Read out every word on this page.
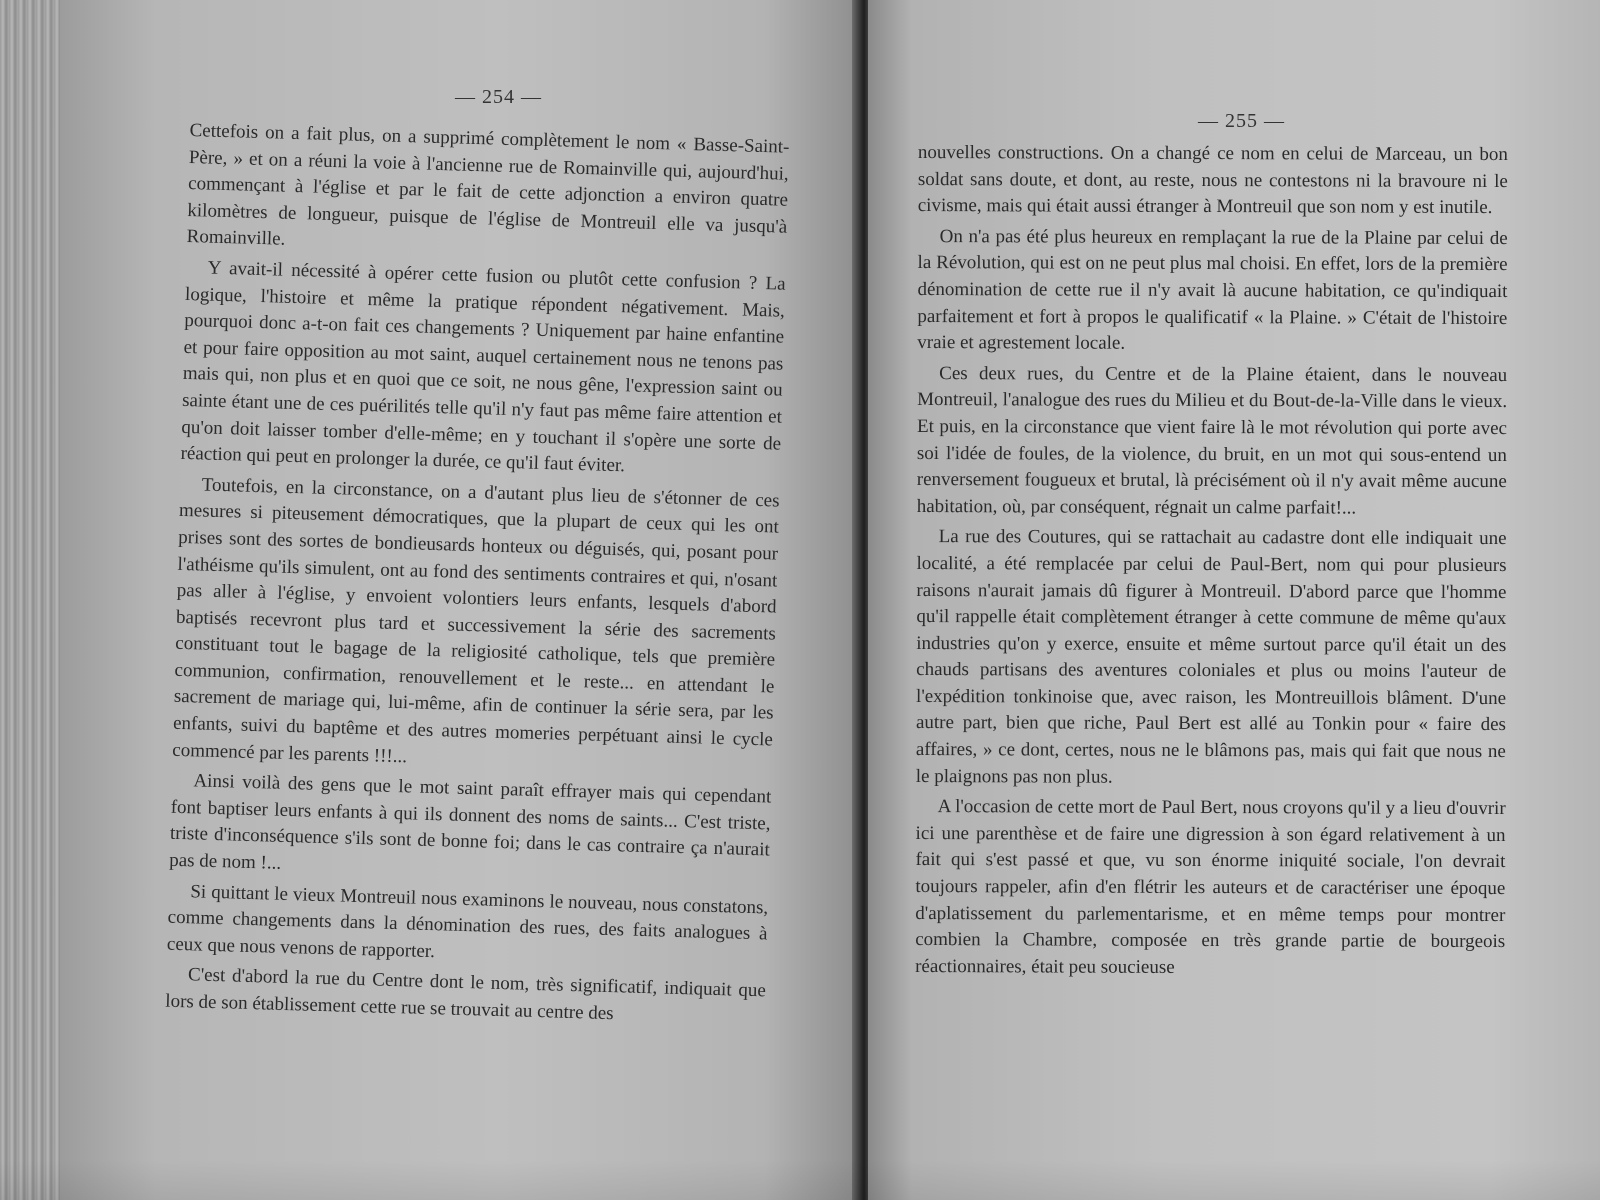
— 254 —

Cettefois on a fait plus, on a supprimé complètement le nom « Basse-Saint-Père, » et on a réuni la voie à l'ancienne rue de Romainville qui, aujourd'hui, commençant à l'église et par le fait de cette adjonction a environ quatre kilomètres de longueur, puisque de l'église de Montreuil elle va jusqu'à Romainville.

Y avait-il nécessité à opérer cette fusion ou plutôt cette confusion ? La logique, l'histoire et même la pratique répondent négativement. Mais, pourquoi donc a-t-on fait ces changements ? Uniquement par haine enfantine et pour faire opposition au mot saint, auquel certainement nous ne tenons pas mais qui, non plus et en quoi que ce soit, ne nous gêne, l'expression saint ou sainte étant une de ces puérilités telle qu'il n'y faut pas même faire attention et qu'on doit laisser tomber d'elle-même; en y touchant il s'opère une sorte de réaction qui peut en prolonger la durée, ce qu'il faut éviter.

Toutefois, en la circonstance, on a d'autant plus lieu de s'étonner de ces mesures si piteusement démocratiques, que la plupart de ceux qui les ont prises sont des sortes de bondieusards honteux ou déguisés, qui, posant pour l'athéisme qu'ils simulent, ont au fond des sentiments contraires et qui, n'osant pas aller à l'église, y envoient volontiers leurs enfants, lesquels d'abord baptisés recevront plus tard et successivement la série des sacrements constituant tout le bagage de la religiosité catholique, tels que première communion, confirmation, renouvellement et le reste... en attendant le sacrement de mariage qui, lui-même, afin de continuer la série sera, par les enfants, suivi du baptême et des autres momeries perpétuant ainsi le cycle commencé par les parents !!!...

Ainsi voilà des gens que le mot saint paraît effrayer mais qui cependant font baptiser leurs enfants à qui ils donnent des noms de saints... C'est triste, triste d'inconséquence s'ils sont de bonne foi; dans le cas contraire ça n'aurait pas de nom !...

Si quittant le vieux Montreuil nous examinons le nouveau, nous constatons, comme changements dans la dénomination des rues, des faits analogues à ceux que nous venons de rapporter.

C'est d'abord la rue du Centre dont le nom, très significatif, indiquait que lors de son établissement cette rue se trouvait au centre des

— 255 —

nouvelles constructions. On a changé ce nom en celui de Marceau, un bon soldat sans doute, et dont, au reste, nous ne contestons ni la bravoure ni le civisme, mais qui était aussi étranger à Montreuil que son nom y est inutile.

On n'a pas été plus heureux en remplaçant la rue de la Plaine par celui de la Révolution, qui est on ne peut plus mal choisi. En effet, lors de la première dénomination de cette rue il n'y avait là aucune habitation, ce qu'indiquait parfaitement et fort à propos le qualificatif « la Plaine. » C'était de l'histoire vraie et agrestement locale.

Ces deux rues, du Centre et de la Plaine étaient, dans le nouveau Montreuil, l'analogue des rues du Milieu et du Bout-de-la-Ville dans le vieux. Et puis, en la circonstance que vient faire là le mot révolution qui porte avec soi l'idée de foules, de la violence, du bruit, en un mot qui sous-entend un renversement fougueux et brutal, là précisément où il n'y avait même aucune habitation, où, par conséquent, régnait un calme parfait!...

La rue des Coutures, qui se rattachait au cadastre dont elle indiquait une localité, a été remplacée par celui de Paul-Bert, nom qui pour plusieurs raisons n'aurait jamais dû figurer à Montreuil. D'abord parce que l'homme qu'il rappelle était complètement étranger à cette commune de même qu'aux industries qu'on y exerce, ensuite et même surtout parce qu'il était un des chauds partisans des aventures coloniales et plus ou moins l'auteur de l'expédition tonkinoise que, avec raison, les Montreuillois blâment. D'une autre part, bien que riche, Paul Bert est allé au Tonkin pour « faire des affaires, » ce dont, certes, nous ne le blâmons pas, mais qui fait que nous ne le plaignons pas non plus.

A l'occasion de cette mort de Paul Bert, nous croyons qu'il y a lieu d'ouvrir ici une parenthèse et de faire une digression à son égard relativement à un fait qui s'est passé et que, vu son énorme iniquité sociale, l'on devrait toujours rappeler, afin d'en flétrir les auteurs et de caractériser une époque d'aplatissement du parlementarisme, et en même temps pour montrer combien la Chambre, composée en très grande partie de bourgeois réactionnaires, était peu soucieuse
